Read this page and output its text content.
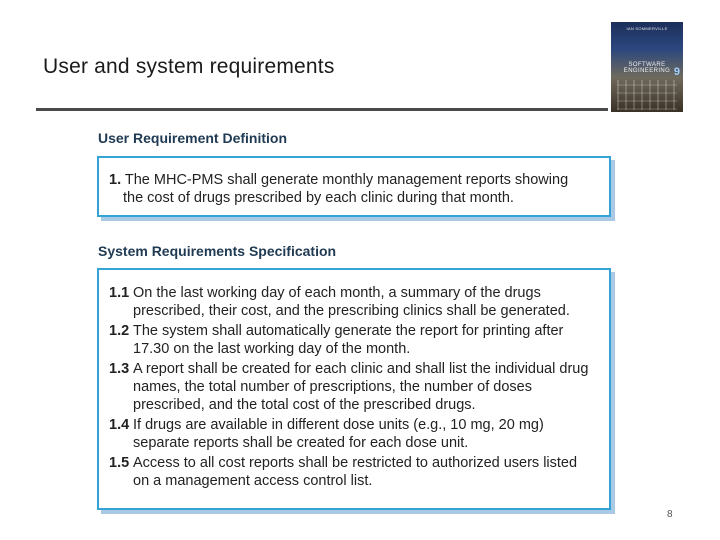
User and system requirements
IAN SOMMERVILLE
SOFTWARE ENGINEERING 9
User Requirement Definition
1. The MHC-PMS shall generate monthly management reports showing
the cost of drugs prescribed by each clinic during that month.
System Requirements Specification
1.1 On the last working day of each month, a summary of the drugs prescribed, their cost, and the prescribing clinics shall be generated.
1.2 The system shall automatically generate the report for printing after 17.30 on the last working day of the month.
1.3 A report shall be created for each clinic and shall list the individual drug names, the total number of prescriptions, the number of doses prescribed, and the total cost of the prescribed drugs.
1.4 If drugs are available in different dose units (e.g., 10 mg, 20 mg) separate reports shall be created for each dose unit.
1.5 Access to all cost reports shall be restricted to authorized users listed on a management access control list.
8
